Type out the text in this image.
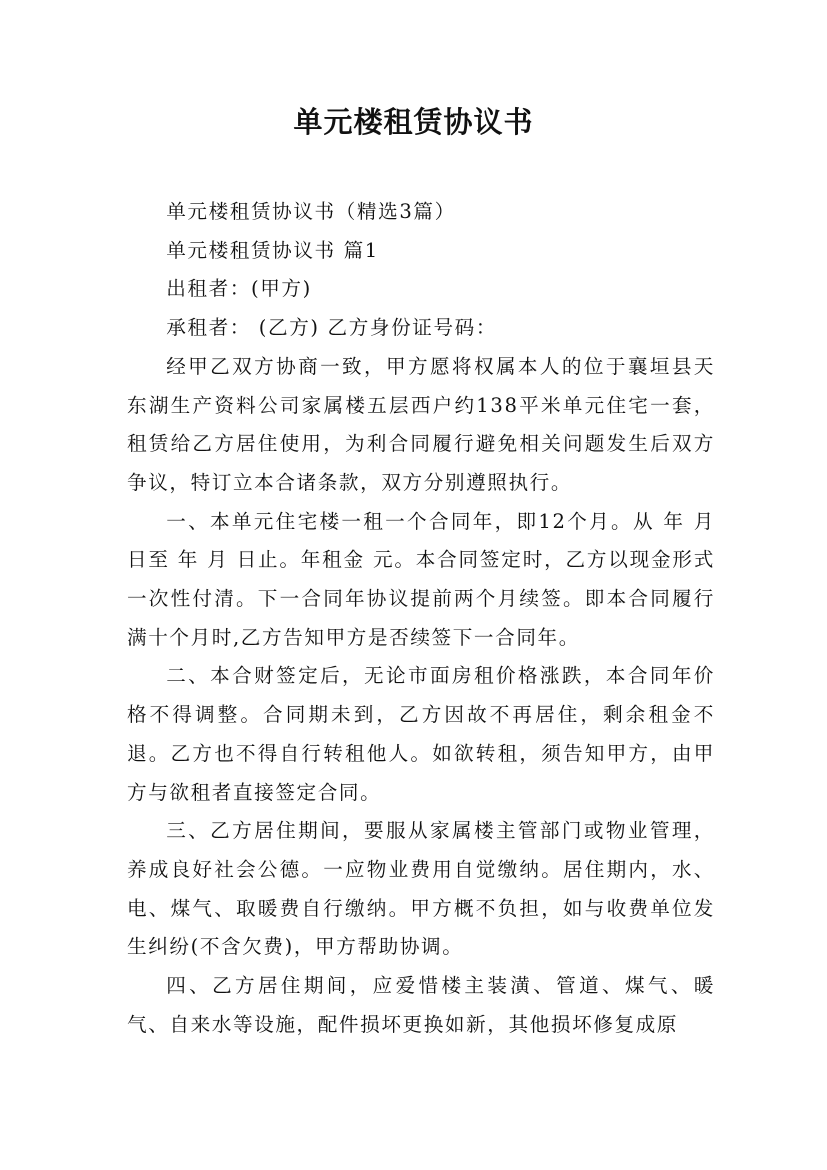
单元楼租赁协议书

单元楼租赁协议书（精选3篇）

单元楼租赁协议书 篇1

出租者：(甲方)

承租者： (乙方) 乙方身份证号码：

经甲乙双方协商一致，甲方愿将权属本人的位于襄垣县天东湖生产资料公司家属楼五层西户约138平米单元住宅一套，租赁给乙方居住使用，为利合同履行避免相关问题发生后双方争议，特订立本合诸条款，双方分别遵照执行。

一、本单元住宅楼一租一个合同年，即12个月。从 年 月 日至 年 月 日止。年租金 元。本合同签定时，乙方以现金形式一次性付清。下一合同年协议提前两个月续签。即本合同履行满十个月时,乙方告知甲方是否续签下一合同年。

二、本合财签定后，无论市面房租价格涨跌，本合同年价格不得调整。合同期未到，乙方因故不再居住，剩余租金不退。乙方也不得自行转租他人。如欲转租，须告知甲方，由甲方与欲租者直接签定合同。

三、乙方居住期间，要服从家属楼主管部门或物业管理，养成良好社会公德。一应物业费用自觉缴纳。居住期内，水、电、煤气、取暖费自行缴纳。甲方概不负担，如与收费单位发生纠纷(不含欠费)，甲方帮助协调。

四、乙方居住期间，应爱惜楼主装潢、管道、煤气、暖气、自来水等设施，配件损坏更换如新，其他损坏修复成原
